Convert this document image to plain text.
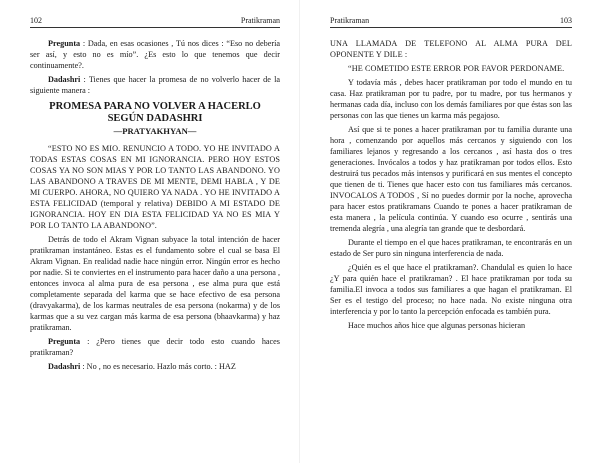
102	Pratikraman

Pregunta : Dada, en esas ocasiones , Tú nos dices : “Eso no debería ser así, y esto no es mío”. ¿Es esto lo que tenemos que decir continuamente?.

Dadashri : Tienes que hacer la promesa de no volverlo hacer de la siguiente manera :

PROMESA PARA NO VOLVER A HACERLO SEGÚN DADASHRI
—PRATYAKHYAN—

“ESTO NO ES MIO. RENUNCIO A TODO. YO HE INVITADO A TODAS ESTAS COSAS EN MI IGNORANCIA. PERO HOY ESTOS COSAS YA NO SON MIAS Y POR LO TANTO LAS ABANDONO. YO LAS ABANDONO A TRAVES DE MI MENTE, DEMI HABLA , Y DE MI CUERPO. AHORA, NO QUIERO YA NADA . YO HE INVITADO A ESTA FELICIDAD (temporal y relativa) DEBIDO A MI ESTADO DE IGNORANCIA. HOY EN DIA ESTA FELICIDAD YA NO ES MIA Y POR LO TANTO LA ABANDONO”.

Detrás de todo el Akram Vignan subyace la total intención de hacer pratikraman instantáneo. Estas es el fundamento sobre el cual se basa El Akram Vignan. En realidad nadie hace ningún error. Ningún error es hecho por nadie. Si te conviertes en el instrumento para hacer daño a una persona , entonces invoca al alma pura de esa persona , ese alma pura que está completamente separada del karma que se hace efectivo de esa persona (dravyakarma), de los karmas neutrales de esa persona (nokarma) y de los karmas que a su vez cargan más karma de esa persona (bhaavkarma) y haz pratikraman.

Pregunta : ¿Pero tienes que decir todo esto cuando haces pratikraman?

Dadashri : No , no es necesario. Hazlo más corto. : HAZ

Pratikraman	103

UNA LLAMADA DE TELEFONO AL ALMA PURA DEL OPONENTE Y DILE :

“HE COMETIDO ESTE ERROR POR FAVOR PERDONAME.

Y todavía más , debes hacer pratikraman por todo el mundo en tu casa. Haz pratikraman por tu padre, por tu madre, por tus hermanos y hermanas cada día, incluso con los demás familiares por que éstas son las personas con las que tienes un karma más pegajoso.

Así que si te pones a hacer pratikraman por tu familia durante una hora , comenzando por aquellos más cercanos y siguiendo con los familiares lejanos y regresando a los cercanos , así hasta dos o tres generaciones. Invócalos a todos y haz pratikraman por todos ellos. Esto destruirá tus pecados más intensos y purificará en sus mentes el concepto que tienen de ti. Tienes que hacer esto con tus familiares más cercanos. INVOCALOS A TODOS , Sí no puedes dormir por la noche, aprovecha para hacer estos pratikramans Cuando te pones a hacer pratikraman de esta manera , la película continúa. Y cuando eso ocurre , sentirás una tremenda alegría , una alegría tan grande que te desbordará.

Durante el tiempo en el que haces pratikraman, te encontrarás en un estado de Ser puro sin ninguna interferencia de nada.

¿Quién es el que hace el pratikraman?. Chandulal es quien lo hace ¿Y para quién hace el pratikraman? . El hace pratikraman por toda su familia.El invoca a todos sus familiares a que hagan el pratikraman. El Ser es el testigo del proceso; no hace nada. No existe ninguna otra interferencia y por lo tanto la percepción enfocada es también pura.

Hace muchos años hice que algunas personas hicieran
